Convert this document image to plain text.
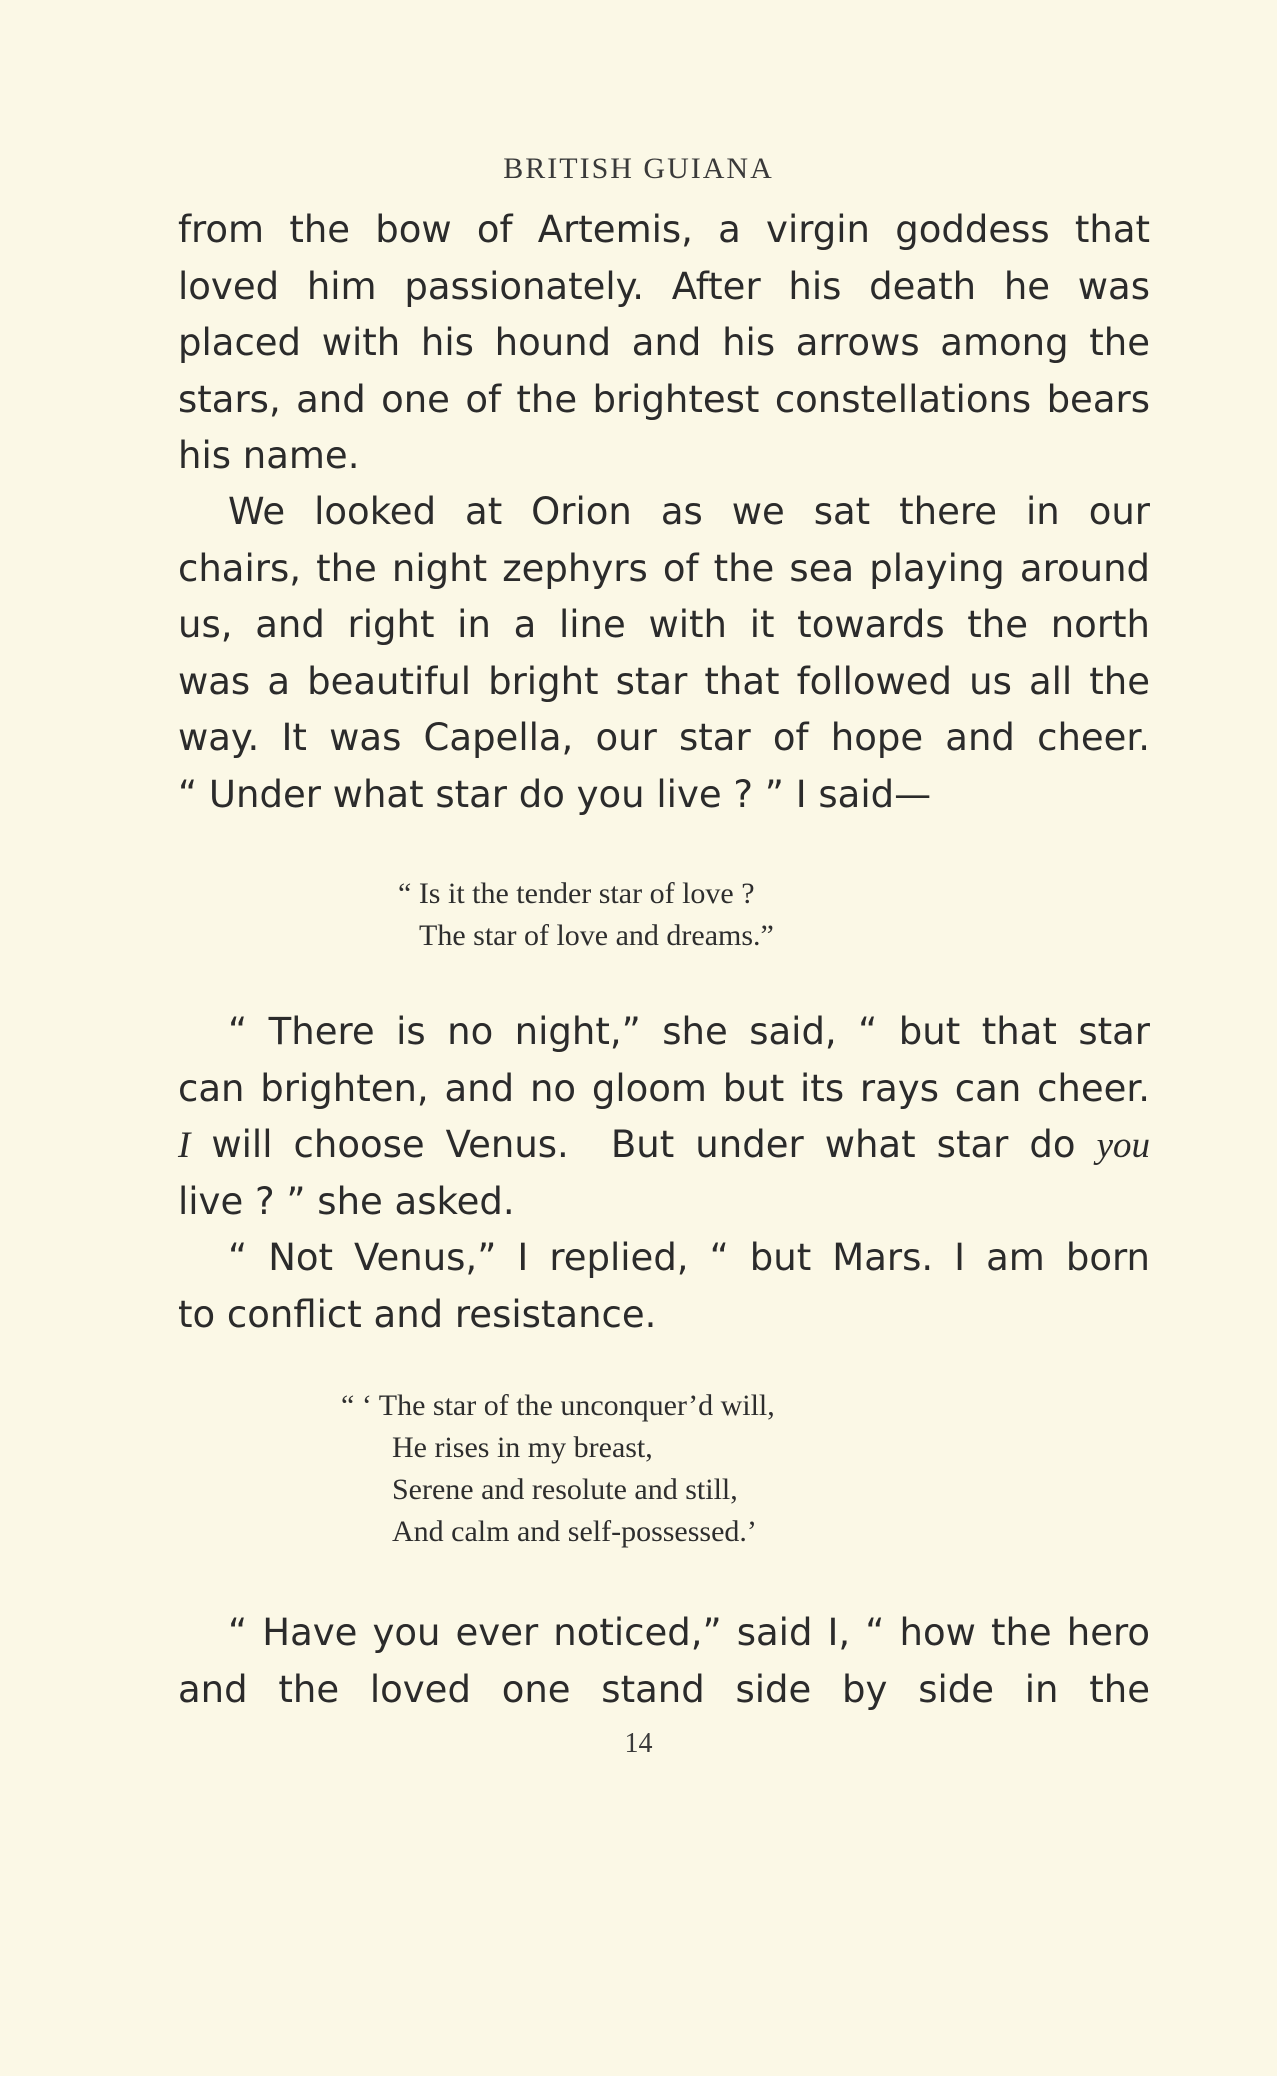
BRITISH GUIANA
from the bow of Artemis, a virgin goddess that
loved him passionately. After his death he was
placed with his hound and his arrows among the
stars, and one of the brightest constellations bears
his name.
We looked at Orion as we sat there in our
chairs, the night zephyrs of the sea playing around
us, and right in a line with it towards the north
was a beautiful bright star that followed us all the
way. It was Capella, our star of hope and cheer.
“ Under what star do you live ? ” I said—
“ Is it the tender star of love ?
The star of love and dreams.”
“ There is no night,” she said, “ but that star
can brighten, and no gloom but its rays can cheer.
I will choose Venus.  But under what star do you
live ? ” she asked.
“ Not Venus,” I replied, “ but Mars. I am born
to conflict and resistance.
“ ‘ The star of the unconquer’d will,
He rises in my breast,
Serene and resolute and still,
And calm and self-possessed.’
“ Have you ever noticed,” said I, “ how the hero
and the loved one stand side by side in the
14
